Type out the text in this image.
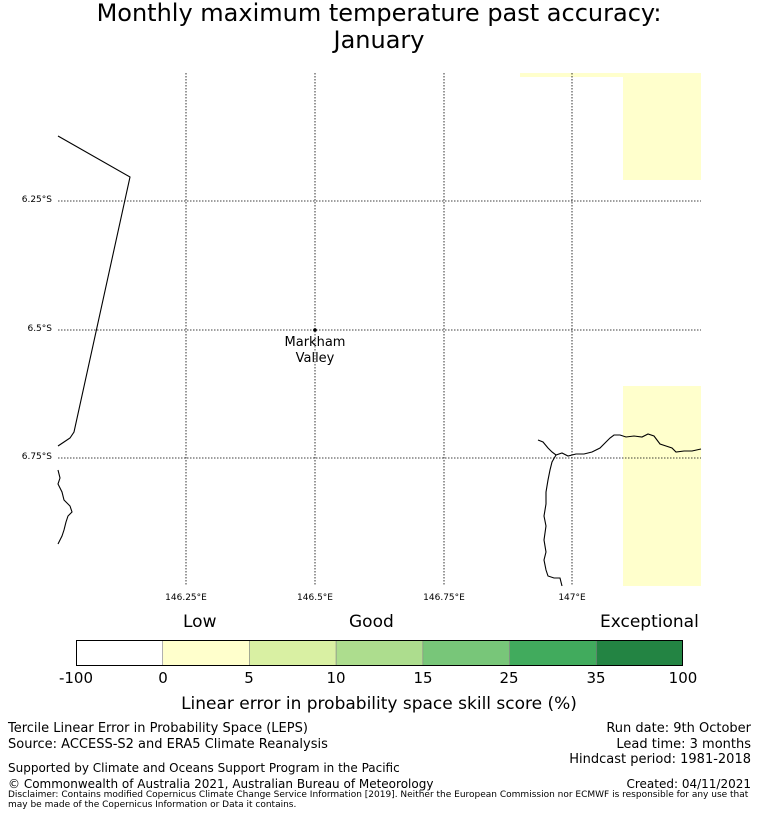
Monthly maximum temperature past accuracy:
January
6.25°S
6.5°S
6.75°S
146.25°E	146.5°E	146.75°E	147°E
Markham
Valley
Low	Good	Exceptional
-100	0	5	10	15	25	35	100
Linear error in probability space skill score (%)
Tercile Linear Error in Probability Space (LEPS)
Source: ACCESS-S2 and ERA5 Climate Reanalysis
Run date: 9th October
Lead time: 3 months
Hindcast period: 1981-2018
Supported by Climate and Oceans Support Program in the Pacific
© Commonwealth of Australia 2021, Australian Bureau of Meteorology	Created: 04/11/2021
Disclaimer: Contains modified Copernicus Climate Change Service Information [2019]. Neither the European Commission nor ECMWF is responsible for any use that may be made of the Copernicus Information or Data it contains.
